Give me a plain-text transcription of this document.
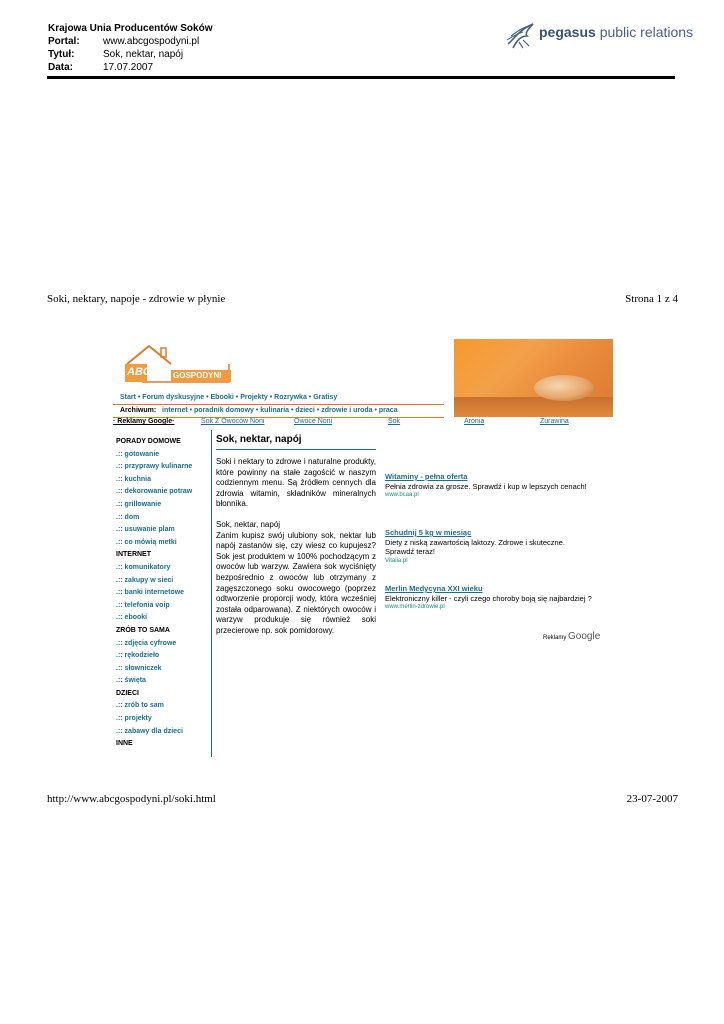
Krajowa Unia Producentów Soków
Portal: www.abcgospodyni.pl
Tytuł:	Sok, nektar, napój
Data:	17.07.2007
pegasus public relations
Soki, nektary, napoje - zdrowie w płynie	Strona 1 z 4
ABC	GOSPODYNI
Start • Forum dyskusyjne • Ebooki • Projekty • Rozrywka • Gratisy
Archiwum: internet • poradnik domowy • kulinaria • dzieci • zdrowie i uroda • praca
· Reklamy Google·	Sok Z Owoców Noni	Owoce Noni	Sok	Aronia	Żurawina
PORADY DOMOWE
.:: gotowanie
.:: przyprawy kulinarne
.:: kuchnia
.:: dekorowanie potraw
.:: grillowanie
.:: dom
.:: usuwanie plam
.:: co mówią metki
INTERNET
.:: komunikatory
.:: zakupy w sieci
.:: banki internetowe
.:: telefonia voip
.:: ebooki
ZRÓB TO SAMA
.:: zdjęcia cyfrowe
.:: rękodzieło
.:: słowniczek
.:: święta
DZIECI
.:: zrób to sam
.:: projekty
.:: zabawy dla dzieci
INNE
Sok, nektar, napój

Soki i nektary to zdrowe i naturalne produkty, które powinny na stałe zagościć w naszym codziennym menu. Są źródłem cennych dla zdrowia witamin, składników mineralnych błonnika.

Sok, nektar, napój
Zanim kupisz swój ulubiony sok, nektar lub napój zastanów się, czy wiesz co kupujesz? Sok jest produktem w 100% pochodzącym z owoców lub warzyw. Zawiera sok wyciśnięty bezpośrednio z owoców lub otrzymany z zagęszczonego soku owocowego (poprzez odtworzenie proporcji wody, która wcześniej została odparowana). Z niektórych owoców i warzyw produkuje się również soki przecierowe np. sok pomidorowy.

Witaminy - pełna oferta
Pełnia zdrowia za grosze. Sprawdź i kup w lepszych cenach!
www.bcaa.pl
Schudnij 5 kg w miesiąc
Diety z niską zawartością laktozy. Zdrowe i skuteczne. Sprawdź teraz!
Vitalia.pl
Merlin Medycyna XXI wieku
Elektroniczny killer - czyli czego choroby boją się najbardziej ?
www.merlin-zdrowie.pl
Reklamy Google
http://www.abcgospodyni.pl/soki.html	23-07-2007
